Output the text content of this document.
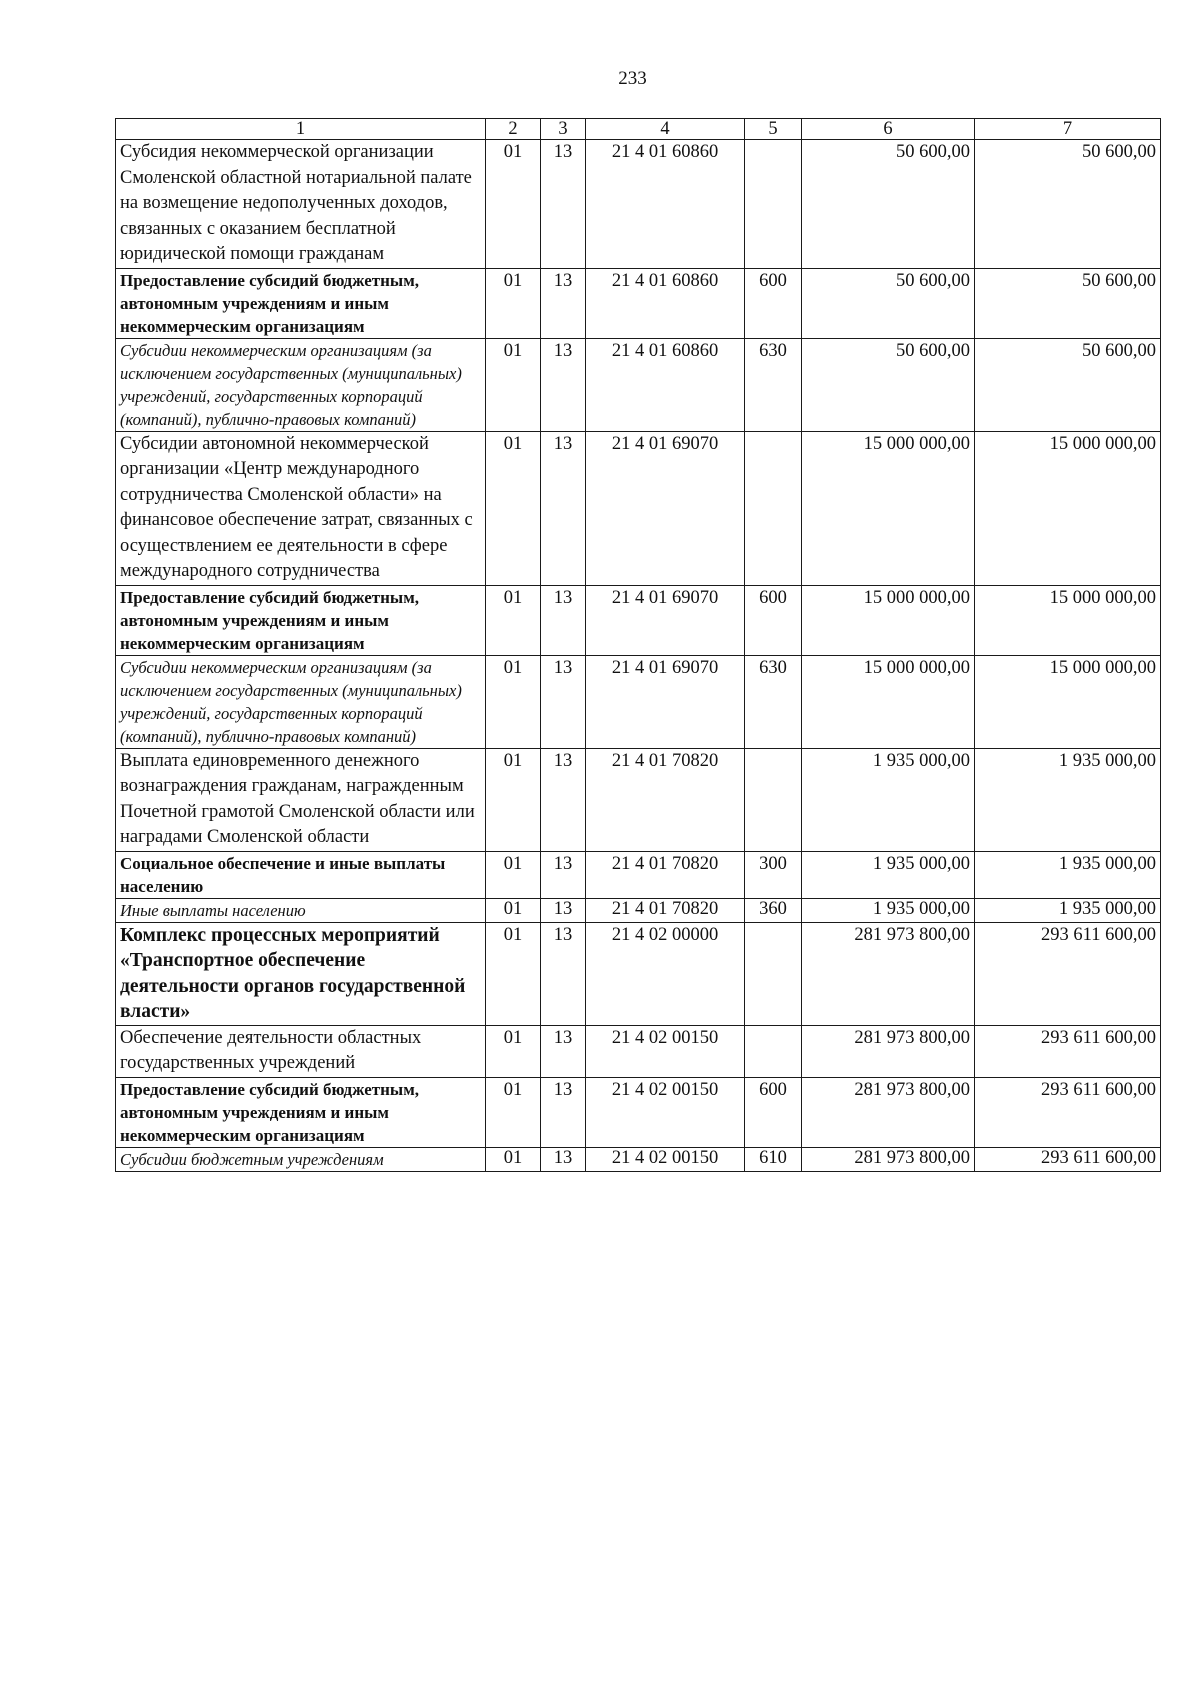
233
1	2	3	4	5	6	7
Субсидия некоммерческой организации Смоленской областной нотариальной палате на возмещение недополученных доходов, связанных с оказанием бесплатной юридической помощи гражданам	01	13	21 4 01 60860		50 600,00	50 600,00
Предоставление субсидий бюджетным, автономным учреждениям и иным некоммерческим организациям	01	13	21 4 01 60860	600	50 600,00	50 600,00
Субсидии некоммерческим организациям (за исключением государственных (муниципальных) учреждений, государственных корпораций (компаний), публично-правовых компаний)	01	13	21 4 01 60860	630	50 600,00	50 600,00
Субсидии автономной некоммерческой организации «Центр международного сотрудничества Смоленской области» на финансовое обеспечение затрат, связанных с осуществлением ее деятельности в сфере международного сотрудничества	01	13	21 4 01 69070		15 000 000,00	15 000 000,00
Предоставление субсидий бюджетным, автономным учреждениям и иным некоммерческим организациям	01	13	21 4 01 69070	600	15 000 000,00	15 000 000,00
Субсидии некоммерческим организациям (за исключением государственных (муниципальных) учреждений, государственных корпораций (компаний), публично-правовых компаний)	01	13	21 4 01 69070	630	15 000 000,00	15 000 000,00
Выплата единовременного денежного вознаграждения гражданам, награжденным Почетной грамотой Смоленской области или наградами Смоленской области	01	13	21 4 01 70820		1 935 000,00	1 935 000,00
Социальное обеспечение и иные выплаты населению	01	13	21 4 01 70820	300	1 935 000,00	1 935 000,00
Иные выплаты населению	01	13	21 4 01 70820	360	1 935 000,00	1 935 000,00
Комплекс процессных мероприятий «Транспортное обеспечение деятельности органов государственной власти»	01	13	21 4 02 00000		281 973 800,00	293 611 600,00
Обеспечение деятельности областных государственных учреждений	01	13	21 4 02 00150		281 973 800,00	293 611 600,00
Предоставление субсидий бюджетным, автономным учреждениям и иным некоммерческим организациям	01	13	21 4 02 00150	600	281 973 800,00	293 611 600,00
Субсидии бюджетным учреждениям	01	13	21 4 02 00150	610	281 973 800,00	293 611 600,00
